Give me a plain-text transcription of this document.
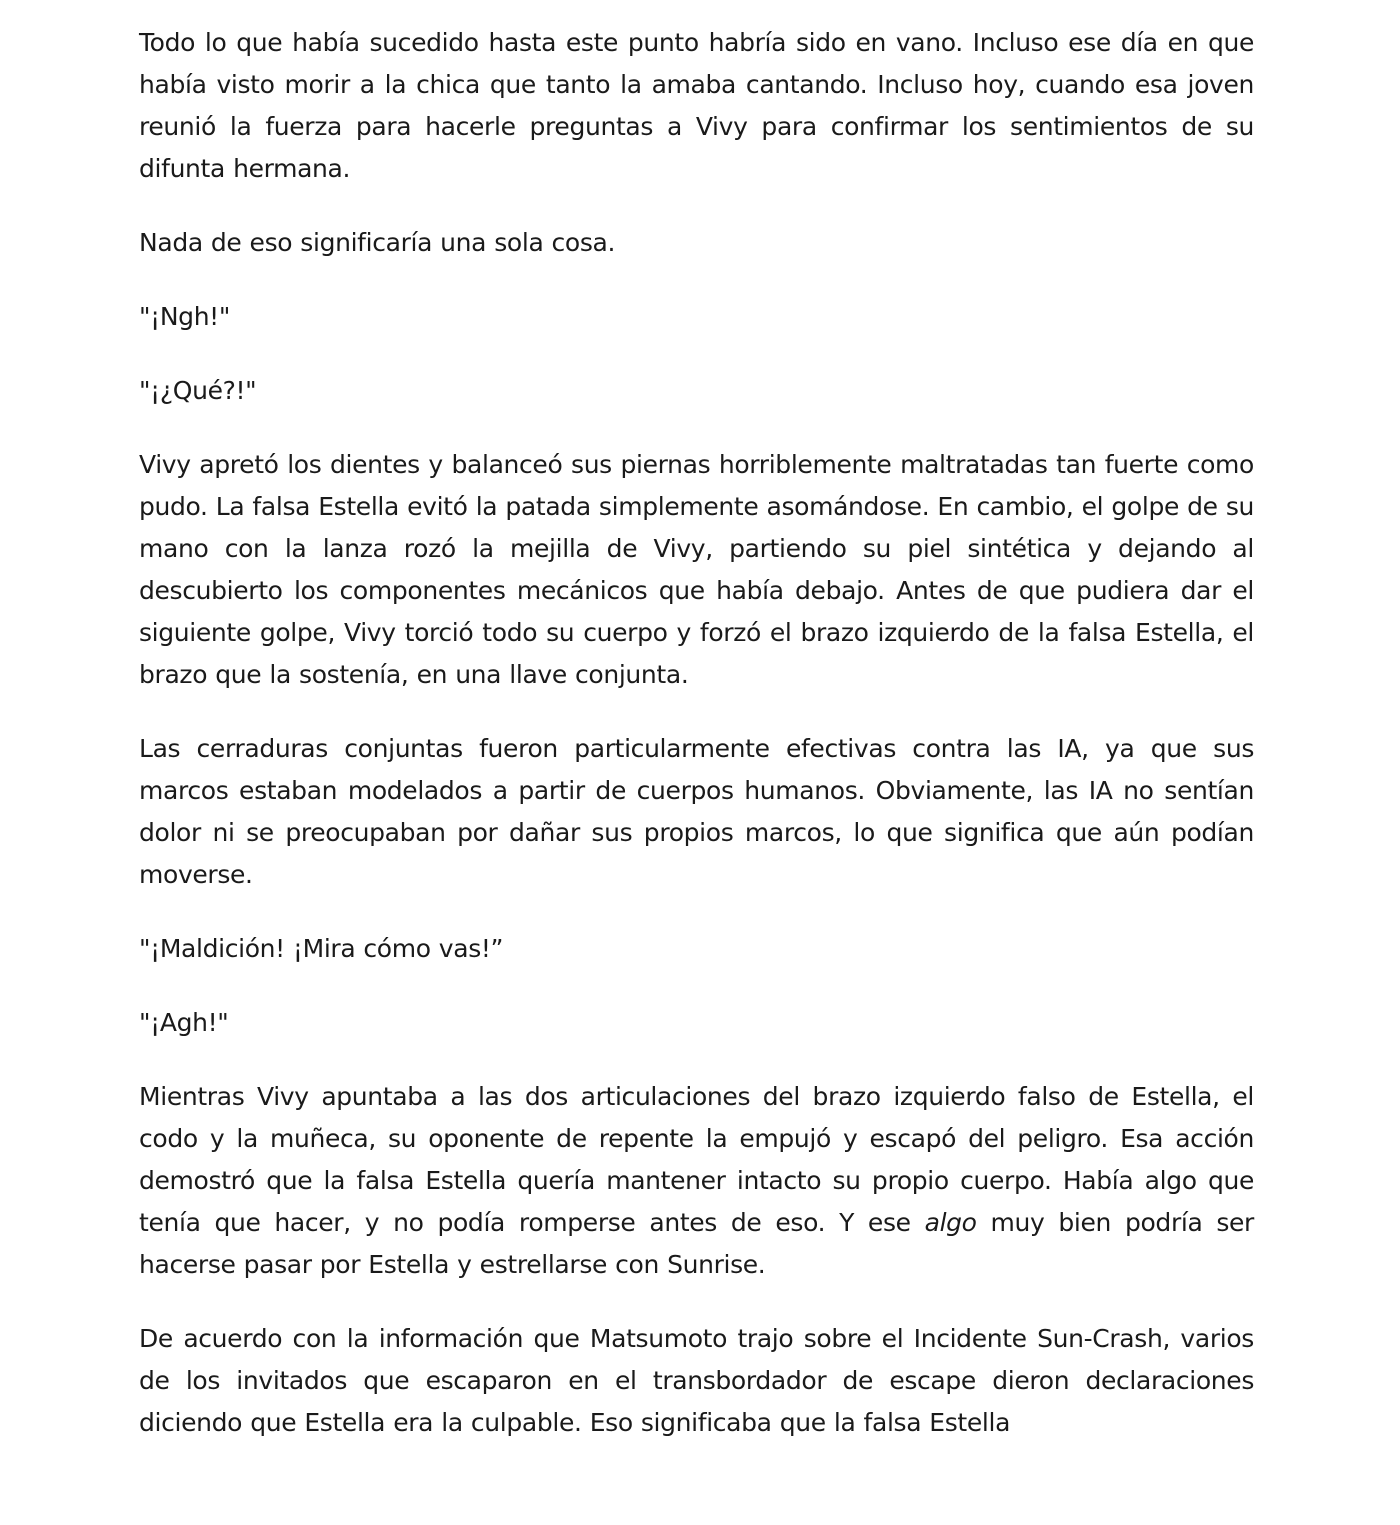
Todo lo que había sucedido hasta este punto habría sido en vano. Incluso ese día en que había visto morir a la chica que tanto la amaba cantando. Incluso hoy, cuando esa joven reunió la fuerza para hacerle preguntas a Vivy para confirmar los sentimientos de su difunta hermana.

Nada de eso significaría una sola cosa.

"¡Ngh!"

"¡¿Qué?!"

Vivy apretó los dientes y balanceó sus piernas horriblemente maltratadas tan fuerte como pudo. La falsa Estella evitó la patada simplemente asomándose. En cambio, el golpe de su mano con la lanza rozó la mejilla de Vivy, partiendo su piel sintética y dejando al descubierto los componentes mecánicos que había debajo. Antes de que pudiera dar el siguiente golpe, Vivy torció todo su cuerpo y forzó el brazo izquierdo de la falsa Estella, el brazo que la sostenía, en una llave conjunta.

Las cerraduras conjuntas fueron particularmente efectivas contra las IA, ya que sus marcos estaban modelados a partir de cuerpos humanos. Obviamente, las IA no sentían dolor ni se preocupaban por dañar sus propios marcos, lo que significa que aún podían moverse.

"¡Maldición! ¡Mira cómo vas!”

"¡Agh!"

Mientras Vivy apuntaba a las dos articulaciones del brazo izquierdo falso de Estella, el codo y la muñeca, su oponente de repente la empujó y escapó del peligro. Esa acción demostró que la falsa Estella quería mantener intacto su propio cuerpo. Había algo que tenía que hacer, y no podía romperse antes de eso. Y ese algo muy bien podría ser hacerse pasar por Estella y estrellarse con Sunrise.

De acuerdo con la información que Matsumoto trajo sobre el Incidente Sun-Crash, varios de los invitados que escaparon en el transbordador de escape dieron declaraciones diciendo que Estella era la culpable. Eso significaba que la falsa Estella
